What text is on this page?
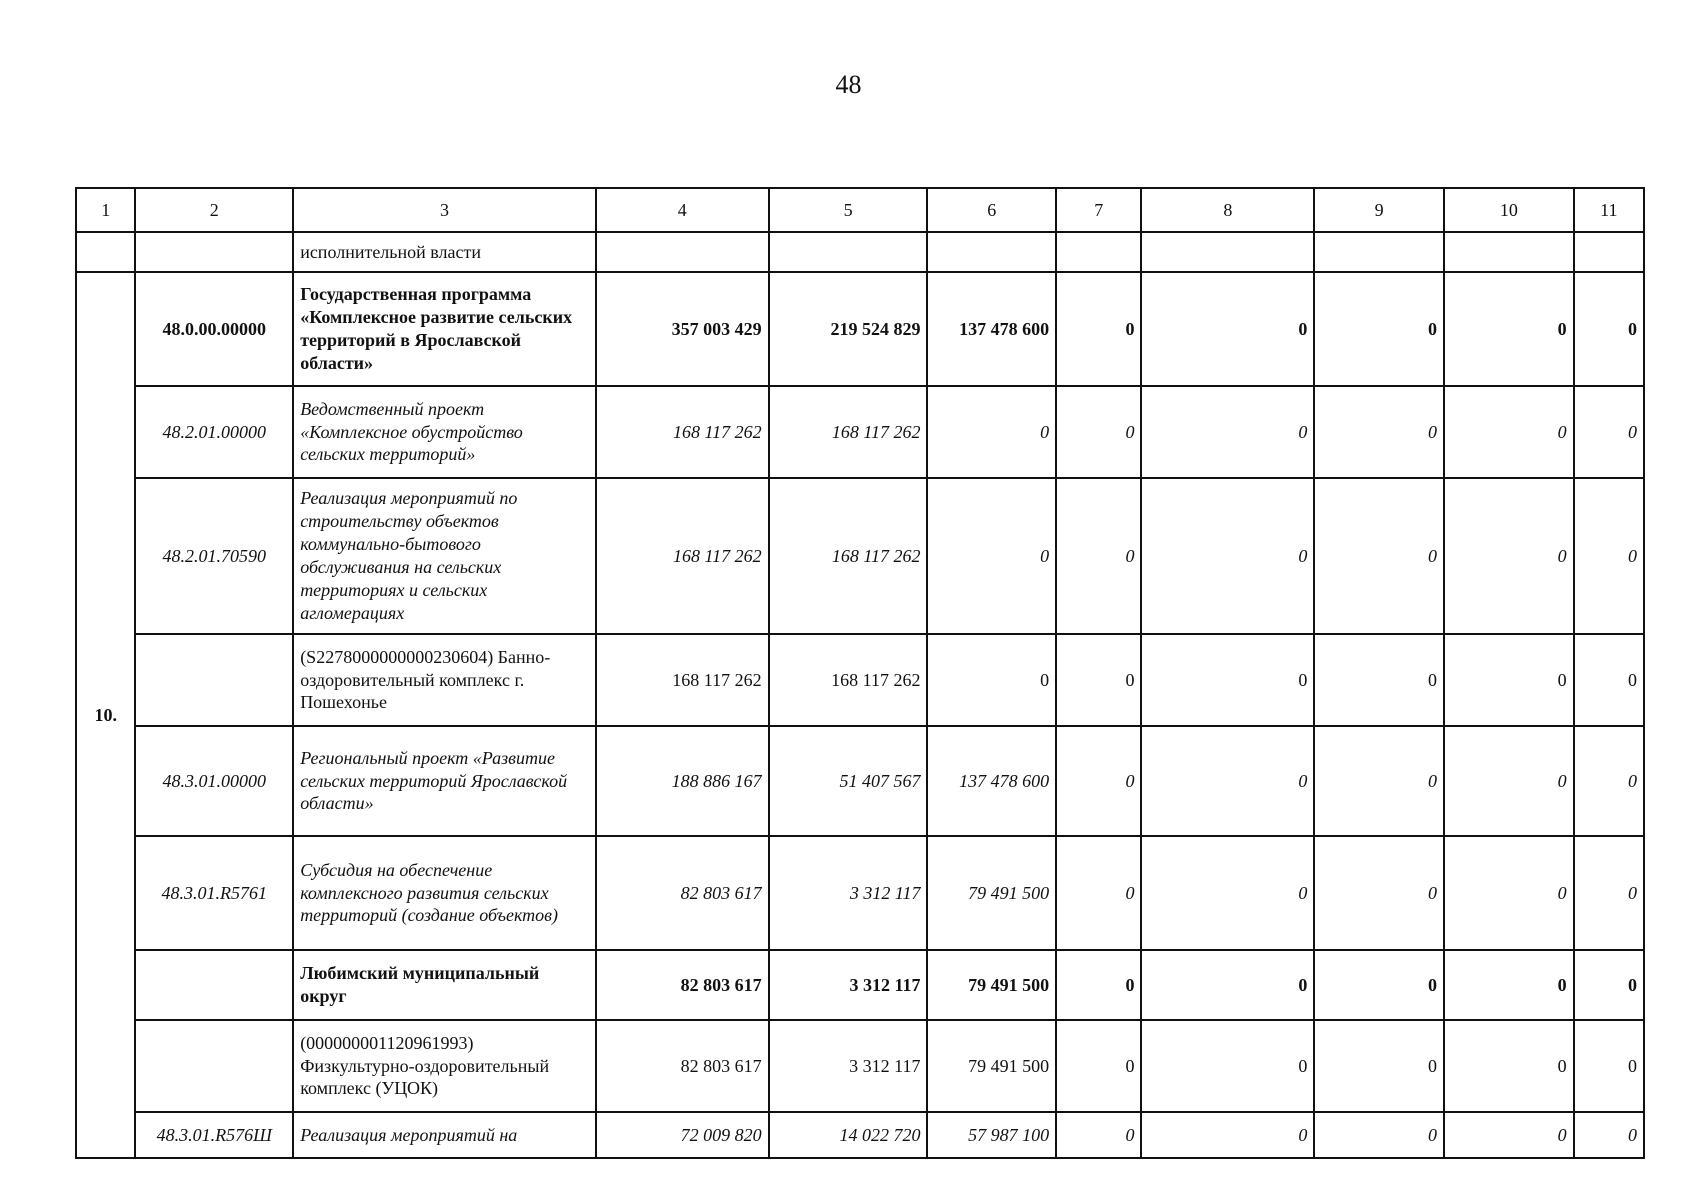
48
1	2	3	4	5	6	7	8	9	10	11
		исполнительной власти								
10.	48.0.00.00000	Государственная программа «Комплексное развитие сельских территорий в Ярославской области»	357 003 429	219 524 829	137 478 600	0	0	0	0	0
	48.2.01.00000	Ведомственный проект «Комплексное обустройство сельских территорий»	168 117 262	168 117 262	0	0	0	0	0	0
	48.2.01.70590	Реализация мероприятий по строительству объектов коммунально-бытового обслуживания на сельских территориях и сельских агломерациях	168 117 262	168 117 262	0	0	0	0	0	0
		(S2278000000000230604) Банно-оздоровительный комплекс г. Пошехонье	168 117 262	168 117 262	0	0	0	0	0	0
	48.3.01.00000	Региональный проект «Развитие сельских территорий Ярославской области»	188 886 167	51 407 567	137 478 600	0	0	0	0	0
	48.3.01.R5761	Субсидия на обеспечение комплексного развития сельских территорий (создание объектов)	82 803 617	3 312 117	79 491 500	0	0	0	0	0
		Любимский муниципальный округ	82 803 617	3 312 117	79 491 500	0	0	0	0	0
		(000000001120961993) Физкультурно-оздоровительный комплекс (УЦОК)	82 803 617	3 312 117	79 491 500	0	0	0	0	0
	48.3.01.R576Ш	Реализация мероприятий на	72 009 820	14 022 720	57 987 100	0	0	0	0	0
